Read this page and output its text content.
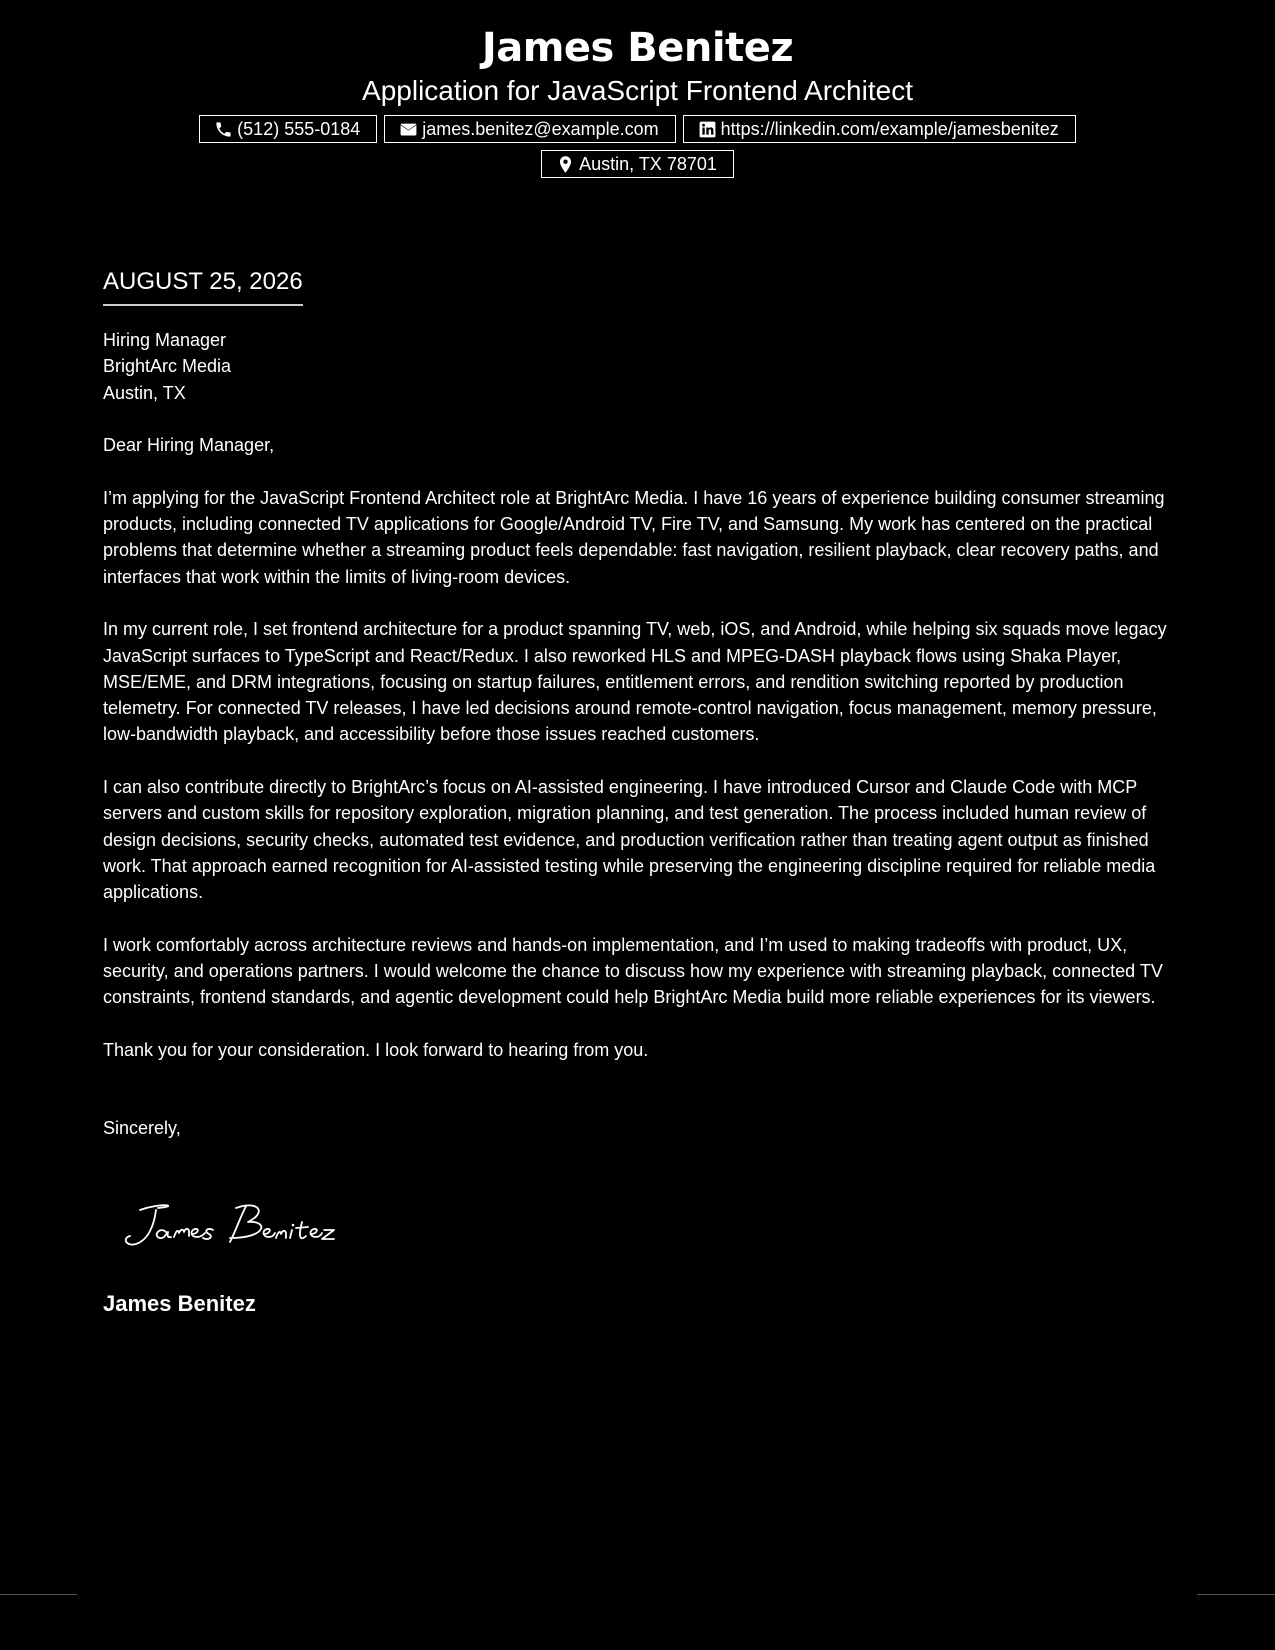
James Benitez
Application for JavaScript Frontend Architect
(512) 555-0184	james.benitez@example.com	https://linkedin.com/example/jamesbenitez
Austin, TX 78701
AUGUST 25, 2026
Hiring Manager
BrightArc Media
Austin, TX
Dear Hiring Manager,
I’m applying for the JavaScript Frontend Architect role at BrightArc Media. I have 16 years of experience building consumer streaming products, including connected TV applications for Google/Android TV, Fire TV, and Samsung. My work has centered on the practical problems that determine whether a streaming product feels dependable: fast navigation, resilient playback, clear recovery paths, and interfaces that work within the limits of living-room devices.
In my current role, I set frontend architecture for a product spanning TV, web, iOS, and Android, while helping six squads move legacy JavaScript surfaces to TypeScript and React/Redux. I also reworked HLS and MPEG-DASH playback flows using Shaka Player, MSE/EME, and DRM integrations, focusing on startup failures, entitlement errors, and rendition switching reported by production telemetry. For connected TV releases, I have led decisions around remote-control navigation, focus management, memory pressure, low-bandwidth playback, and accessibility before those issues reached customers.
I can also contribute directly to BrightArc’s focus on AI-assisted engineering. I have introduced Cursor and Claude Code with MCP servers and custom skills for repository exploration, migration planning, and test generation. The process included human review of design decisions, security checks, automated test evidence, and production verification rather than treating agent output as finished work. That approach earned recognition for AI-assisted testing while preserving the engineering discipline required for reliable media applications.
I work comfortably across architecture reviews and hands-on implementation, and I’m used to making tradeoffs with product, UX, security, and operations partners. I would welcome the chance to discuss how my experience with streaming playback, connected TV constraints, frontend standards, and agentic development could help BrightArc Media build more reliable experiences for its viewers.
Thank you for your consideration. I look forward to hearing from you.
Sincerely,
James Benitez
